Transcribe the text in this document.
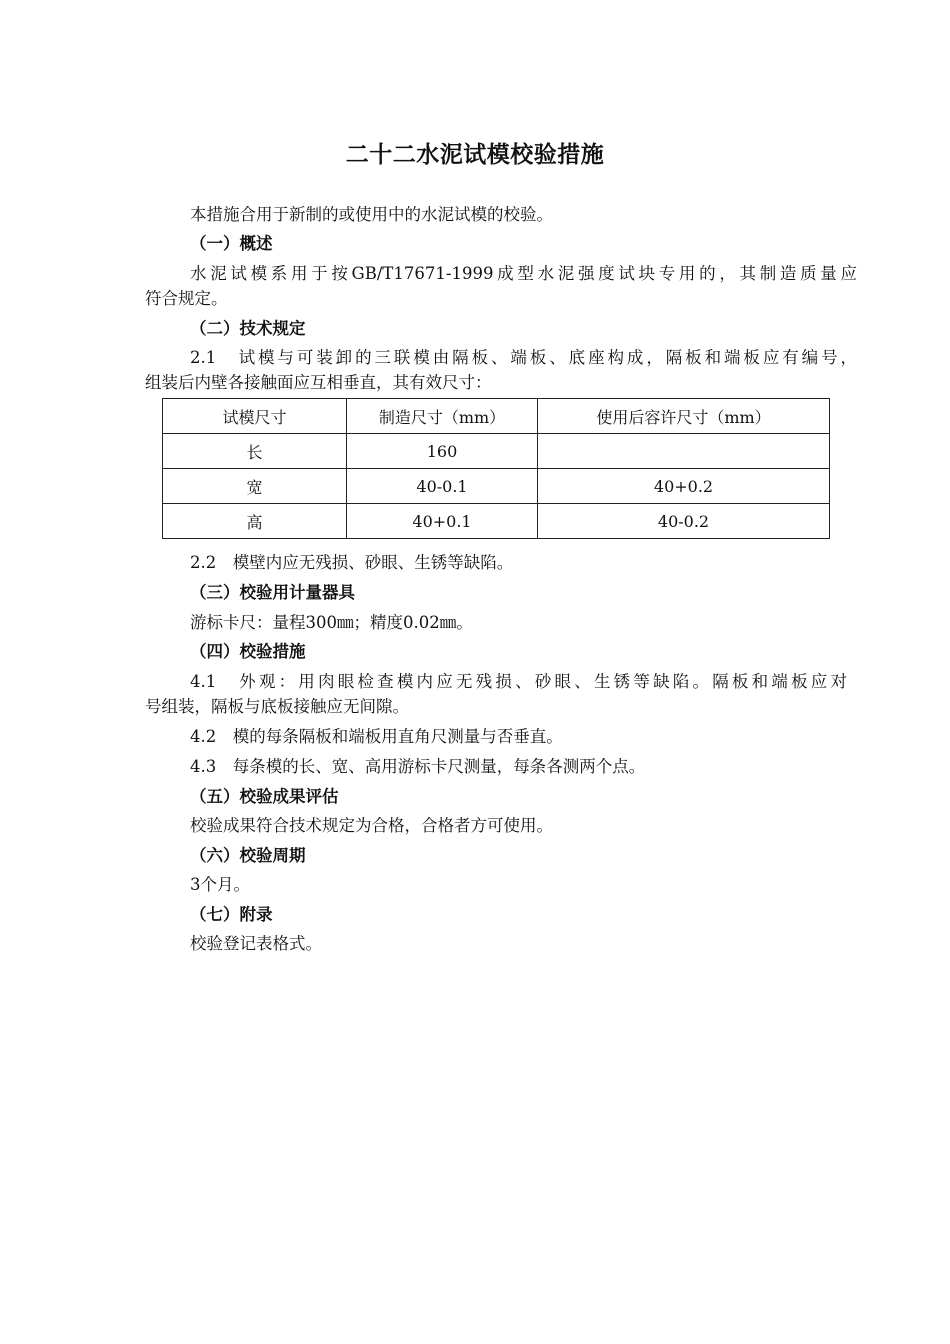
二十二水泥试模校验措施
本措施合用于新制的或使用中的水泥试模的校验。
（一）概述
水泥试模系用于按GB/T17671-1999成型水泥强度试块专用的，其制造质量应
符合规定。
（二）技术规定
2.1　试模与可装卸的三联模由隔板、端板、底座构成，隔板和端板应有编号，
组装后内壁各接触面应互相垂直，其有效尺寸：
试模尺寸	制造尺寸（mm）	使用后容许尺寸（mm）
长	160	
宽	40-0.1	40+0.2
高	40+0.1	40-0.2
2.2　模壁内应无残损、砂眼、生锈等缺陷。
（三）校验用计量器具
游标卡尺：量程300㎜；精度0.02㎜。
（四）校验措施
4.1　外观：用肉眼检查模内应无残损、砂眼、生锈等缺陷。隔板和端板应对
号组装，隔板与底板接触应无间隙。
4.2　模的每条隔板和端板用直角尺测量与否垂直。
4.3　每条模的长、宽、高用游标卡尺测量，每条各测两个点。
（五）校验成果评估
校验成果符合技术规定为合格，合格者方可使用。
（六）校验周期
3个月。
（七）附录
校验登记表格式。
